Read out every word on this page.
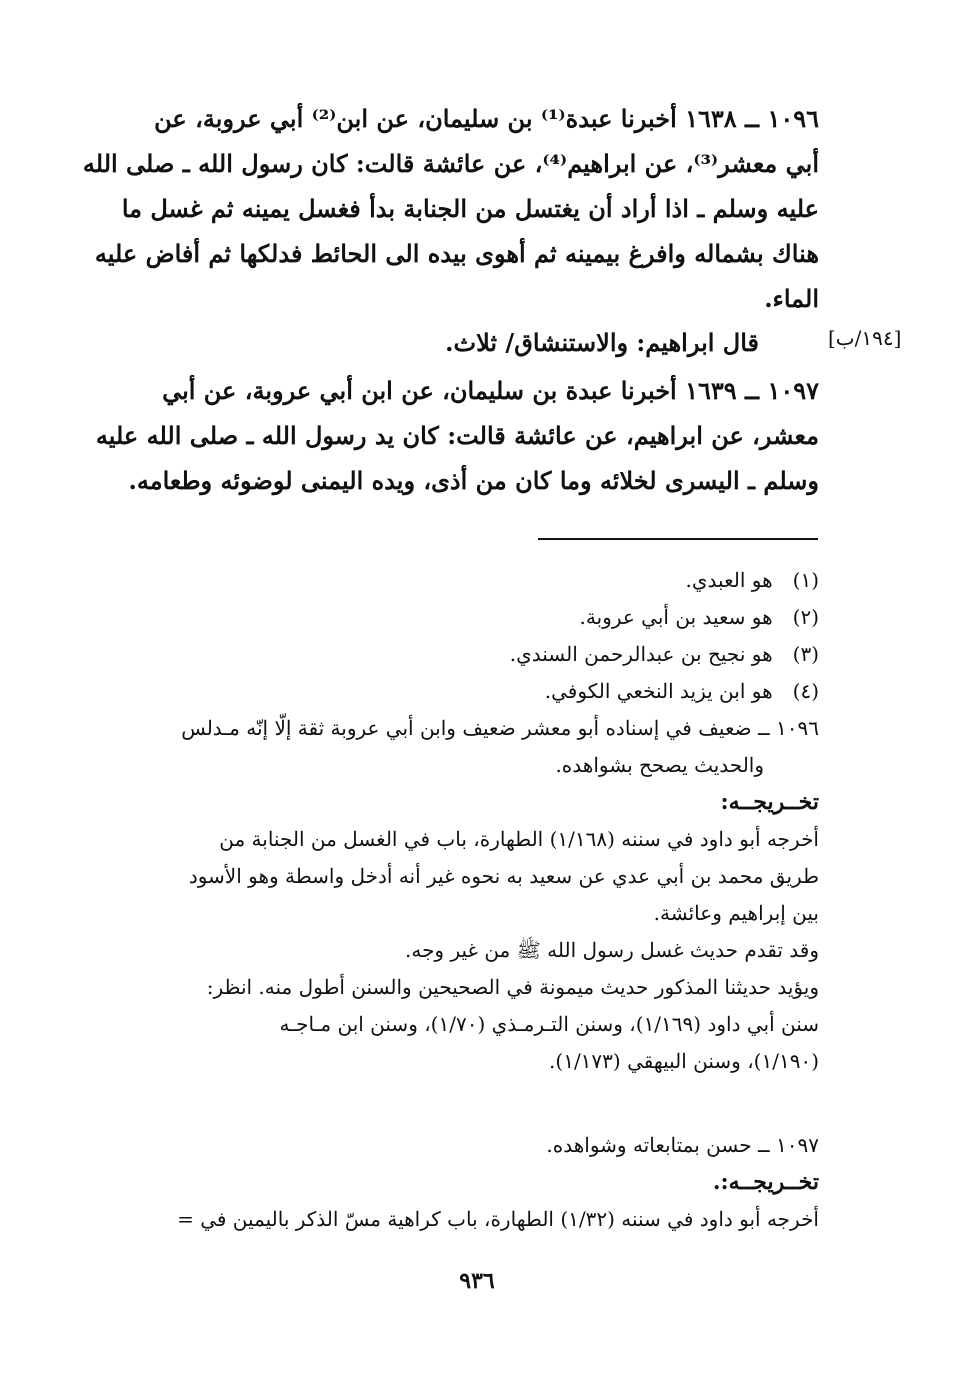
١٠٩٦ ــ ١٦٣٨ أخبرنا عبدة⁽¹⁾ بن سليمان، عن ابن⁽²⁾ أبي عروبة، عن
أبي معشر⁽³⁾، عن ابراهيم⁽⁴⁾، عن عائشة قالت: كان رسول الله ـ صلى الله
عليه وسلم ـ اذا أراد أن يغتسل من الجنابة بدأ فغسل يمينه ثم غسل ما
هناك بشماله وافرغ بيمينه ثم أهوى بيده الى الحائط فدلكها ثم أفاض عليه
الماء.
[١٩٤/ب]
قال ابراهيم: والاستنشاق/ ثلاث.
١٠٩٧ ــ ١٦٣٩ أخبرنا عبدة بن سليمان، عن ابن أبي عروبة، عن أبي
معشر، عن ابراهيم، عن عائشة قالت: كان يد رسول الله ـ صلى الله عليه
وسلم ـ اليسرى لخلائه وما كان من أذى، ويده اليمنى لوضوئه وطعامه.
(١) هو العبدي.
(٢) هو سعيد بن أبي عروبة.
(٣) هو نجيح بن عبدالرحمن السندي.
(٤) هو ابن يزيد النخعي الكوفي.
١٠٩٦ ــ ضعيف في إسناده أبو معشر ضعيف وابن أبي عروبة ثقة إلّا إنّه مـدلس
والحديث يصحح بشواهده.
تخــريجــه:
أخرجه أبو داود في سننه (١/١٦٨) الطهارة، باب في الغسل من الجنابة من
طريق محمد بن أبي عدي عن سعيد به نحوه غير أنه أدخل واسطة وهو الأسود
بين إبراهيم وعائشة.
وقد تقدم حديث غسل رسول الله ﷺ من غير وجه.
ويؤيد حديثنا المذكور حديث ميمونة في الصحيحين والسنن أطول منه. انظر:
سنن أبي داود (١/١٦٩)، وسنن التـرمـذي (١/٧٠)، وسنن ابن مـاجـه
(١/١٩٠)، وسنن البيهقي (١/١٧٣).
١٠٩٧ ــ حسن بمتابعاته وشواهده.
تخــريجــه:.
أخرجه أبو داود في سننه (١/٣٢) الطهارة، باب كراهية مسّ الذكر باليمين في =
٩٣٦
